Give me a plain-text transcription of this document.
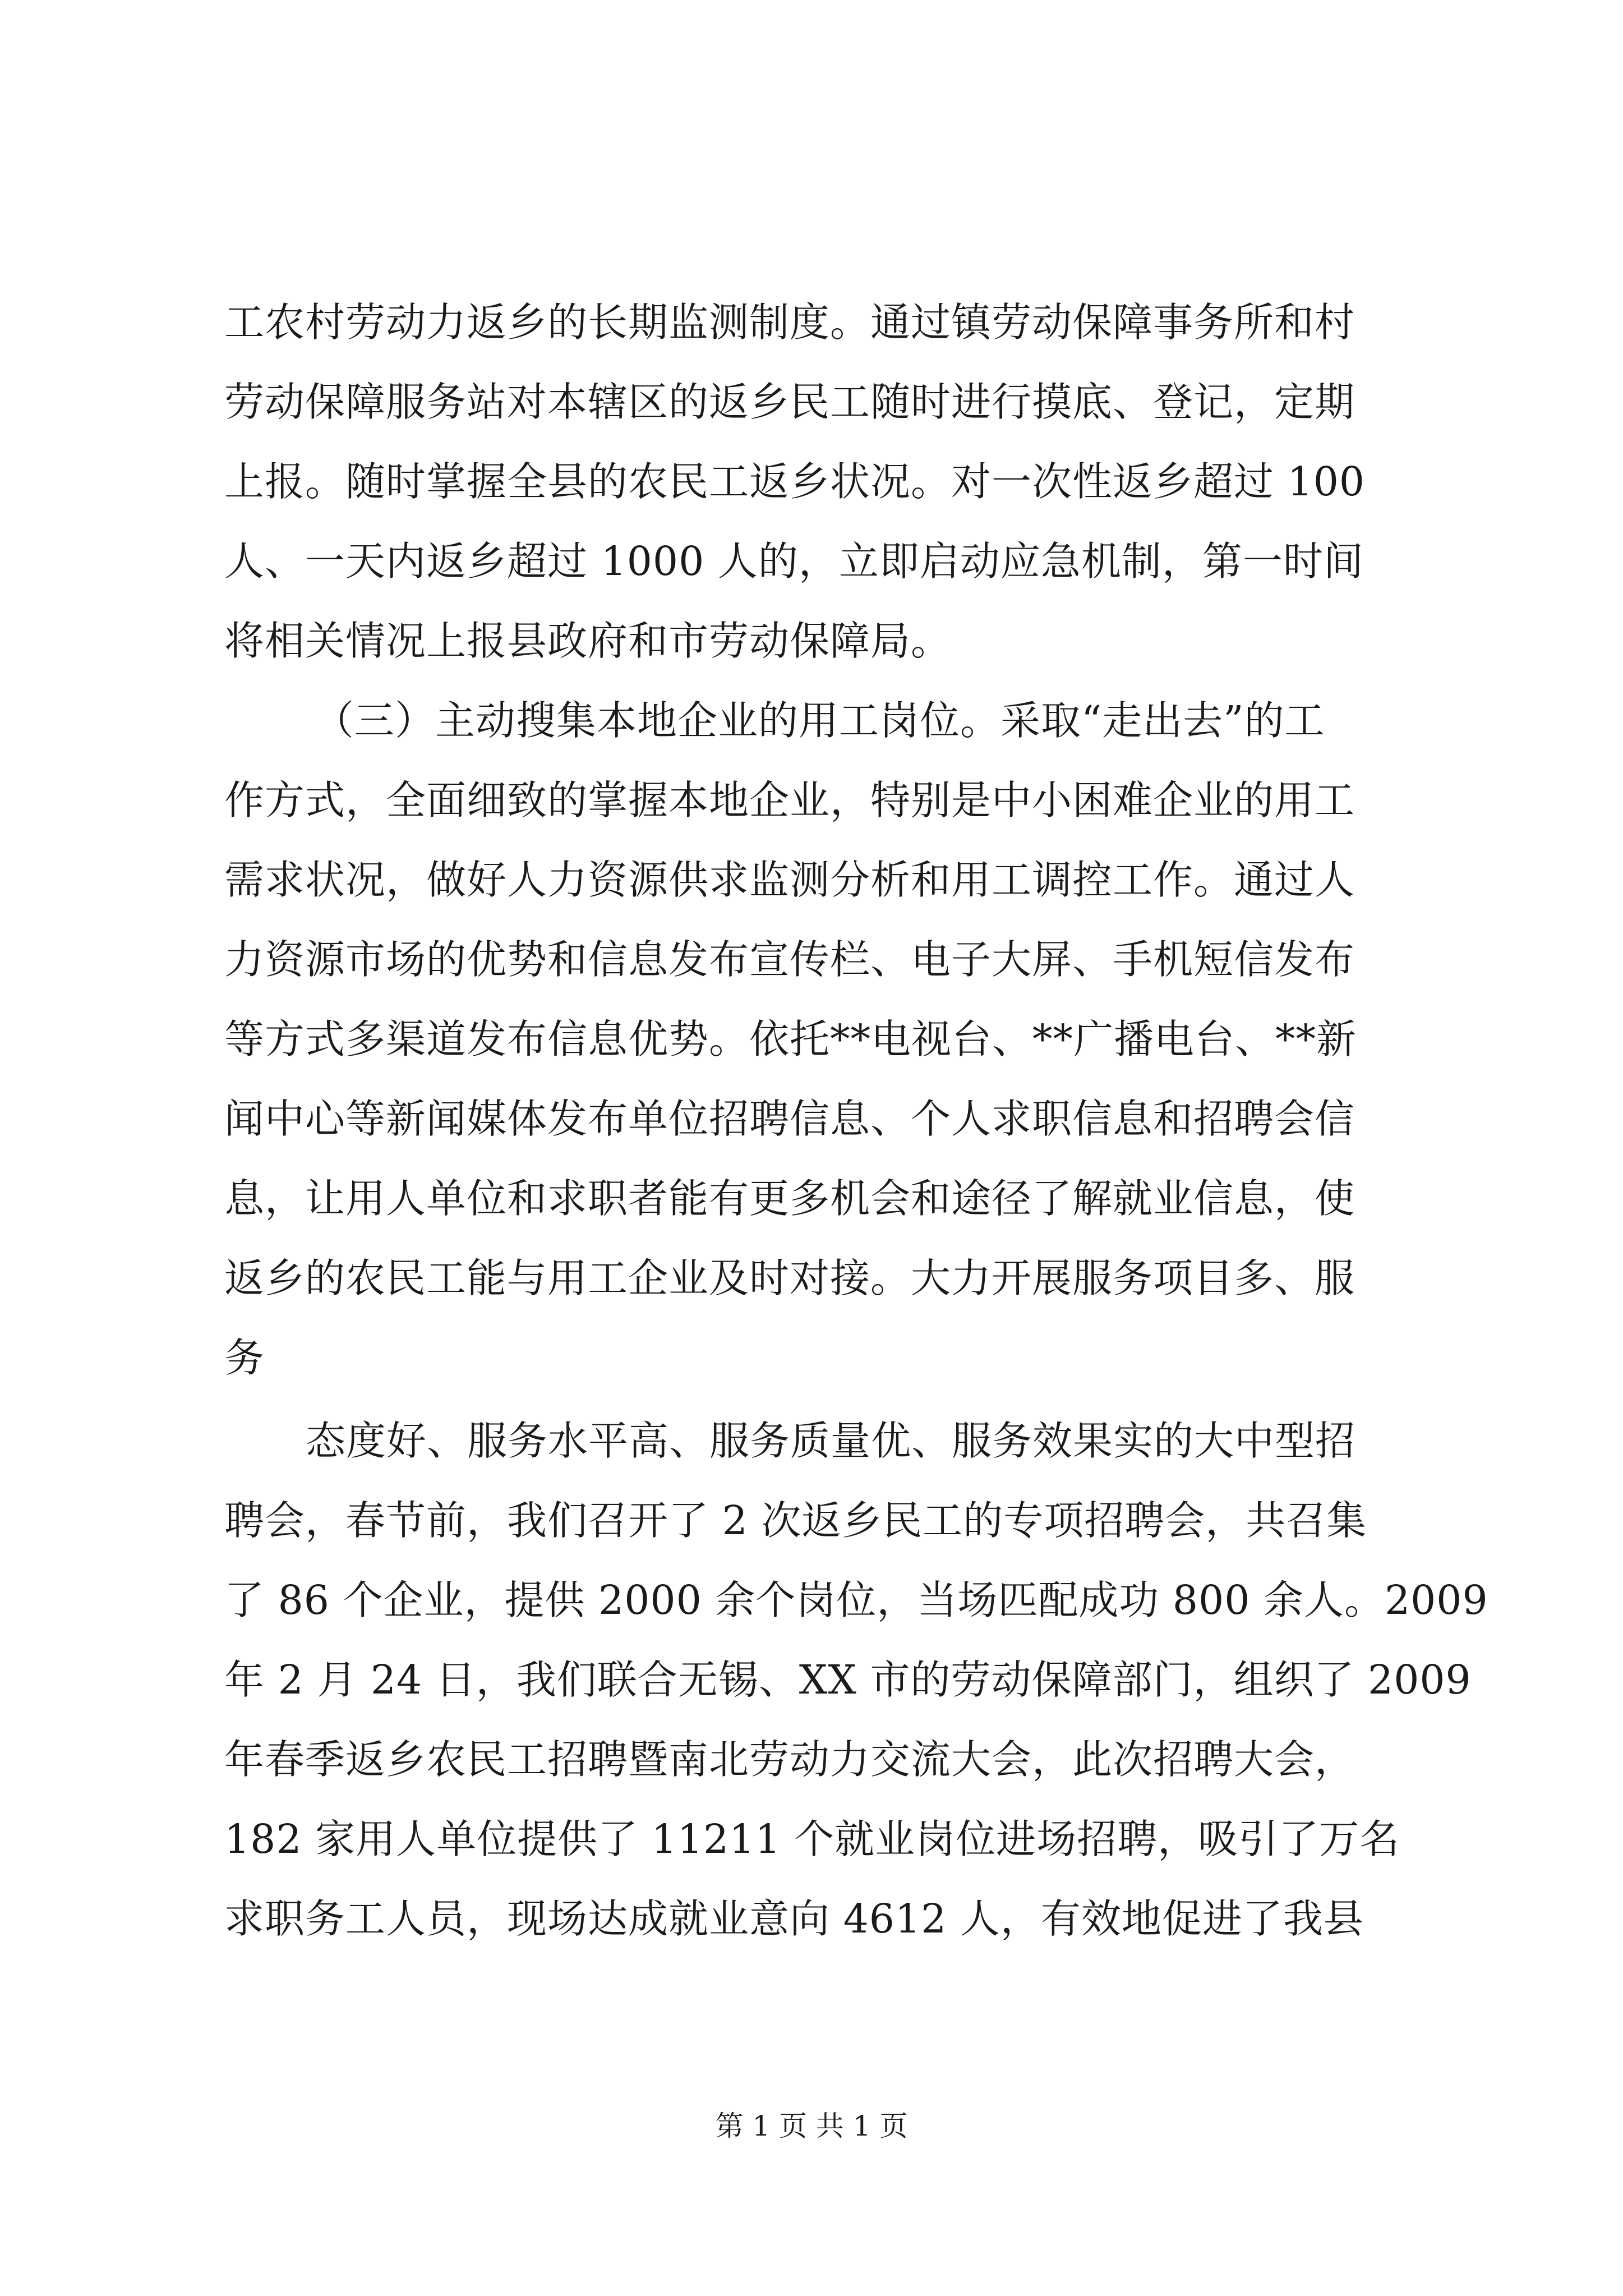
工农村劳动力返乡的长期监测制度。通过镇劳动保障事务所和村
劳动保障服务站对本辖区的返乡民工随时进行摸底、登记，定期
上报。随时掌握全县的农民工返乡状况。对一次性返乡超过 100
人、一天内返乡超过 1000 人的，立即启动应急机制，第一时间
将相关情况上报县政府和市劳动保障局。
（三）主动搜集本地企业的用工岗位。采取“走出去”的工
作方式，全面细致的掌握本地企业，特别是中小困难企业的用工
需求状况，做好人力资源供求监测分析和用工调控工作。通过人
力资源市场的优势和信息发布宣传栏、电子大屏、手机短信发布
等方式多渠道发布信息优势。依托**电视台、**广播电台、**新
闻中心等新闻媒体发布单位招聘信息、个人求职信息和招聘会信
息，让用人单位和求职者能有更多机会和途径了解就业信息，使
返乡的农民工能与用工企业及时对接。大力开展服务项目多、服
务
态度好、服务水平高、服务质量优、服务效果实的大中型招
聘会，春节前，我们召开了 2 次返乡民工的专项招聘会，共召集
了 86 个企业，提供 2000 余个岗位，当场匹配成功 800 余人。2009
年 2 月 24 日，我们联合无锡、XX 市的劳动保障部门，组织了 2009
年春季返乡农民工招聘暨南北劳动力交流大会，此次招聘大会，
182 家用人单位提供了 11211 个就业岗位进场招聘，吸引了万名
求职务工人员，现场达成就业意向 4612 人，有效地促进了我县
第 1 页 共 1 页
